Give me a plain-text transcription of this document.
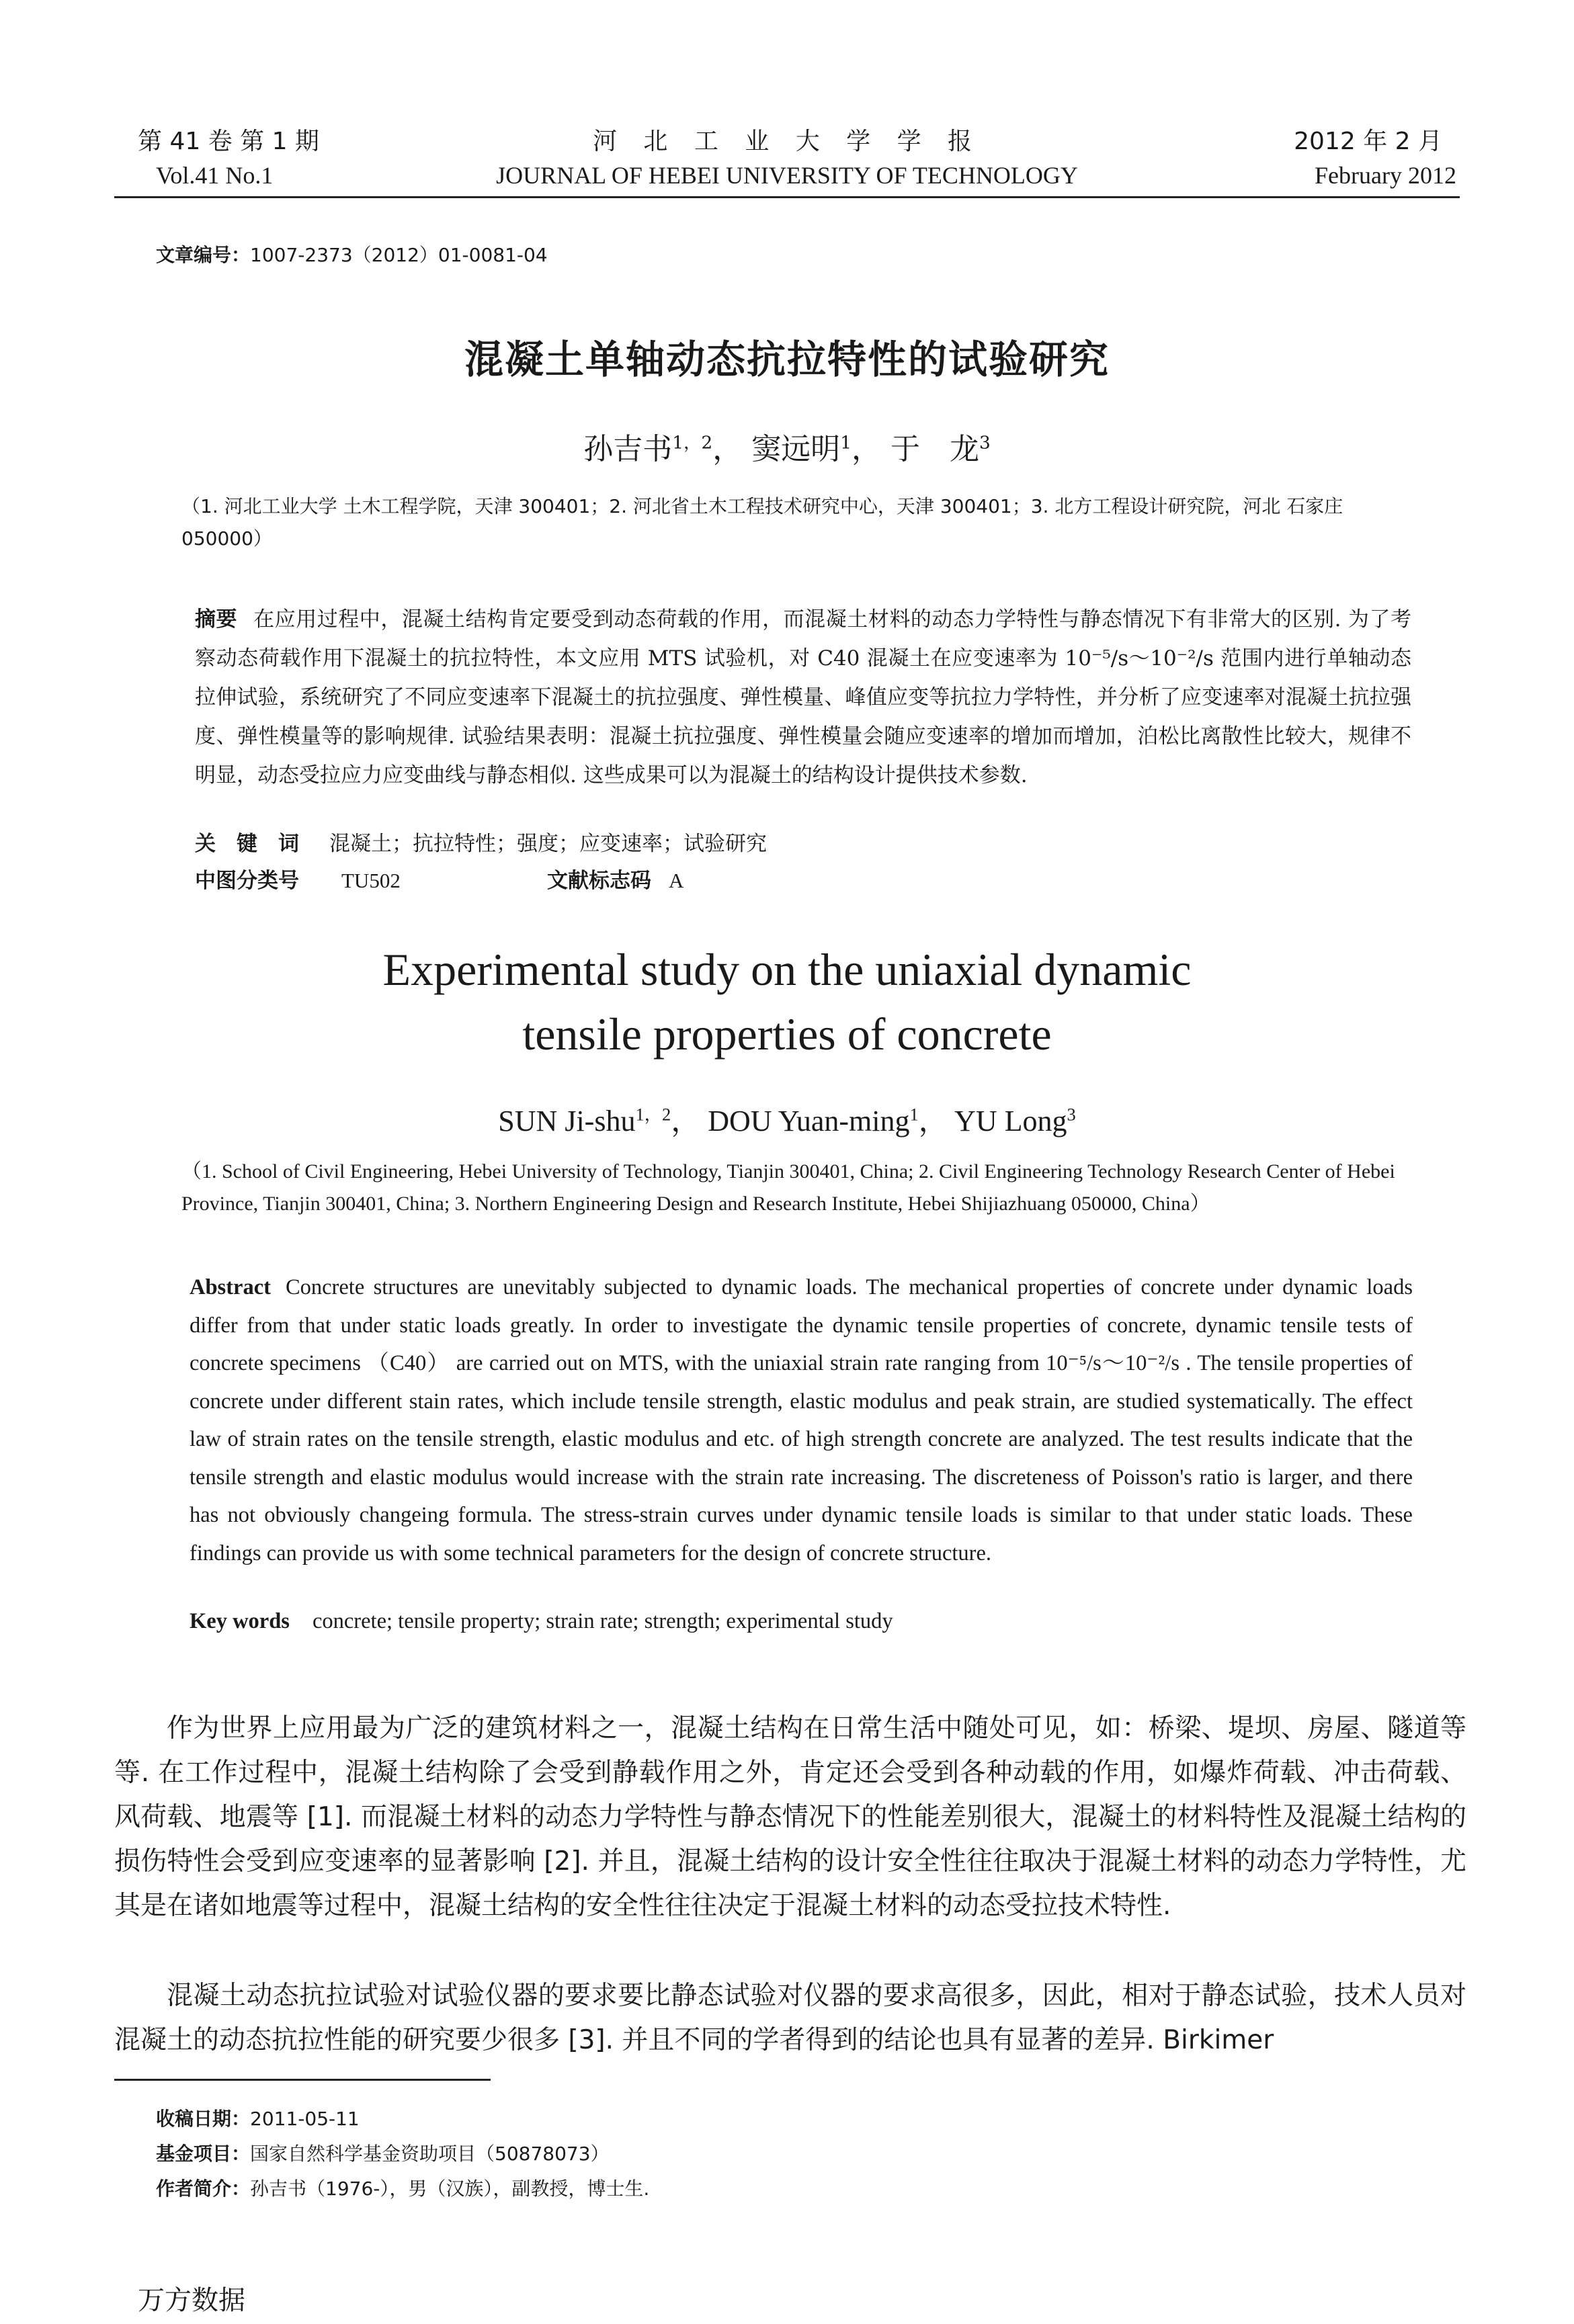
第 41 卷 第 1 期
Vol.41 No.1
河 北 工 业 大 学 学 报
JOURNAL OF HEBEI UNIVERSITY OF TECHNOLOGY
2012 年 2 月
February 2012
文章编号：1007-2373（2012）01-0081-04
混凝土单轴动态抗拉特性的试验研究
孙吉书$^{1,2}$， 窦远明$^1$， 于　龙$^3$
（1. 河北工业大学 土木工程学院，天津 300401；2. 河北省土木工程技术研究中心，天津 300401；3. 北方工程设计研究院，河北 石家庄 050000）
摘要 在应用过程中，混凝土结构肯定要受到动态荷载的作用，而混凝土材料的动态力学特性与静态情况下有非常大的区别. 为了考察动态荷载作用下混凝土的抗拉特性，本文应用 MTS 试验机，对 C40 混凝土在应变速率为 10⁻⁵/s～10⁻²/s 范围内进行单轴动态拉伸试验，系统研究了不同应变速率下混凝土的抗拉强度、弹性模量、峰值应变等抗拉力学特性，并分析了应变速率对混凝土抗拉强度、弹性模量等的影响规律. 试验结果表明：混凝土抗拉强度、弹性模量会随应变速率的增加而增加，泊松比离散性比较大，规律不明显，动态受拉应力应变曲线与静态相似. 这些成果可以为混凝土的结构设计提供技术参数.
关　键　词 混凝土；抗拉特性；强度；应变速率；试验研究
中图分类号 TU502	文献标志码 A
Experimental study on the uniaxial dynamic
tensile properties of concrete
SUN Ji-shu$^{1,2}$， DOU Yuan-ming$^1$， YU Long$^3$
（1. School of Civil Engineering, Hebei University of Technology, Tianjin 300401, China; 2. Civil Engineering Technology Research Center of Hebei Province, Tianjin 300401, China; 3. Northern Engineering Design and Research Institute, Hebei Shijiazhuang 050000, China）
Abstract Concrete structures are unevitably subjected to dynamic loads. The mechanical properties of concrete under dynamic loads differ from that under static loads greatly. In order to investigate the dynamic tensile properties of concrete, dynamic tensile tests of concrete specimens （C40） are carried out on MTS, with the uniaxial strain rate ranging from 10⁻⁵/s～10⁻²/s . The tensile properties of concrete under different stain rates, which include tensile strength, elastic modulus and peak strain, are studied systematically. The effect law of strain rates on the tensile strength, elastic modulus and etc. of high strength concrete are analyzed. The test results indicate that the tensile strength and elastic modulus would increase with the strain rate increasing. The discreteness of Poisson's ratio is larger, and there has not obviously changeing formula. The stress-strain curves under dynamic tensile loads is similar to that under static loads. These findings can provide us with some technical parameters for the design of concrete structure.
Key words concrete; tensile property; strain rate; strength; experimental study
作为世界上应用最为广泛的建筑材料之一，混凝土结构在日常生活中随处可见，如：桥梁、堤坝、房屋、隧道等等. 在工作过程中，混凝土结构除了会受到静载作用之外，肯定还会受到各种动载的作用，如爆炸荷载、冲击荷载、风荷载、地震等 [1]. 而混凝土材料的动态力学特性与静态情况下的性能差别很大，混凝土的材料特性及混凝土结构的损伤特性会受到应变速率的显著影响 [2]. 并且，混凝土结构的设计安全性往往取决于混凝土材料的动态力学特性，尤其是在诸如地震等过程中，混凝土结构的安全性往往决定于混凝土材料的动态受拉技术特性.
混凝土动态抗拉试验对试验仪器的要求要比静态试验对仪器的要求高很多，因此，相对于静态试验，技术人员对混凝土的动态抗拉性能的研究要少很多 [3]. 并且不同的学者得到的结论也具有显著的差异. Birkimer
收稿日期：2011-05-11
基金项目：国家自然科学基金资助项目（50878073）
作者简介：孙吉书（1976-），男（汉族），副教授，博士生.
万方数据
